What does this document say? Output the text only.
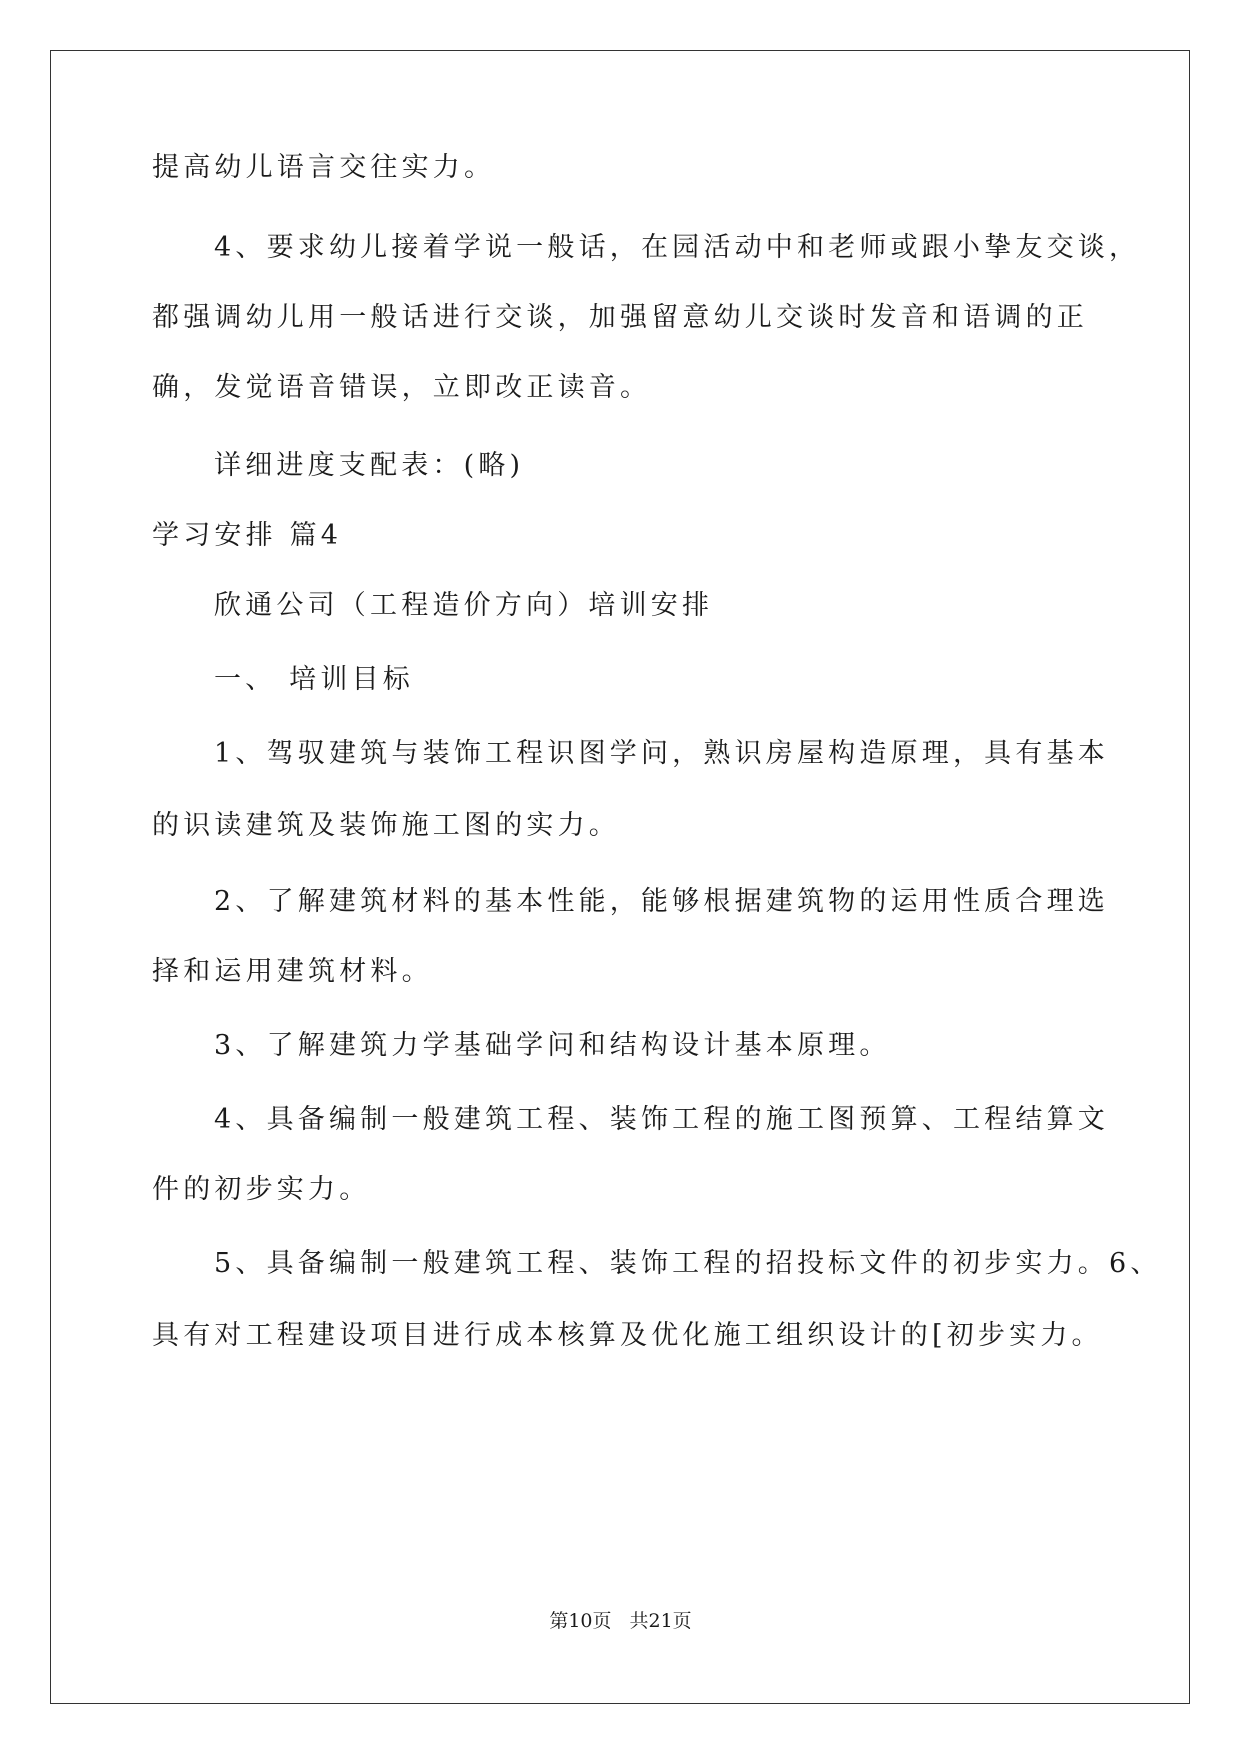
提高幼儿语言交往实力。
4、要求幼儿接着学说一般话，在园活动中和老师或跟小挚友交谈，
都强调幼儿用一般话进行交谈，加强留意幼儿交谈时发音和语调的正
确，发觉语音错误，立即改正读音。
详细进度支配表：(略)
学习安排 篇4
欣通公司（工程造价方向）培训安排
一、 培训目标
1、驾驭建筑与装饰工程识图学问，熟识房屋构造原理，具有基本
的识读建筑及装饰施工图的实力。
2、了解建筑材料的基本性能，能够根据建筑物的运用性质合理选
择和运用建筑材料。
3、了解建筑力学基础学问和结构设计基本原理。
4、具备编制一般建筑工程、装饰工程的施工图预算、工程结算文
件的初步实力。
5、具备编制一般建筑工程、装饰工程的招投标文件的初步实力。6、
具有对工程建设项目进行成本核算及优化施工组织设计的[初步实力。
第10页 共21页
